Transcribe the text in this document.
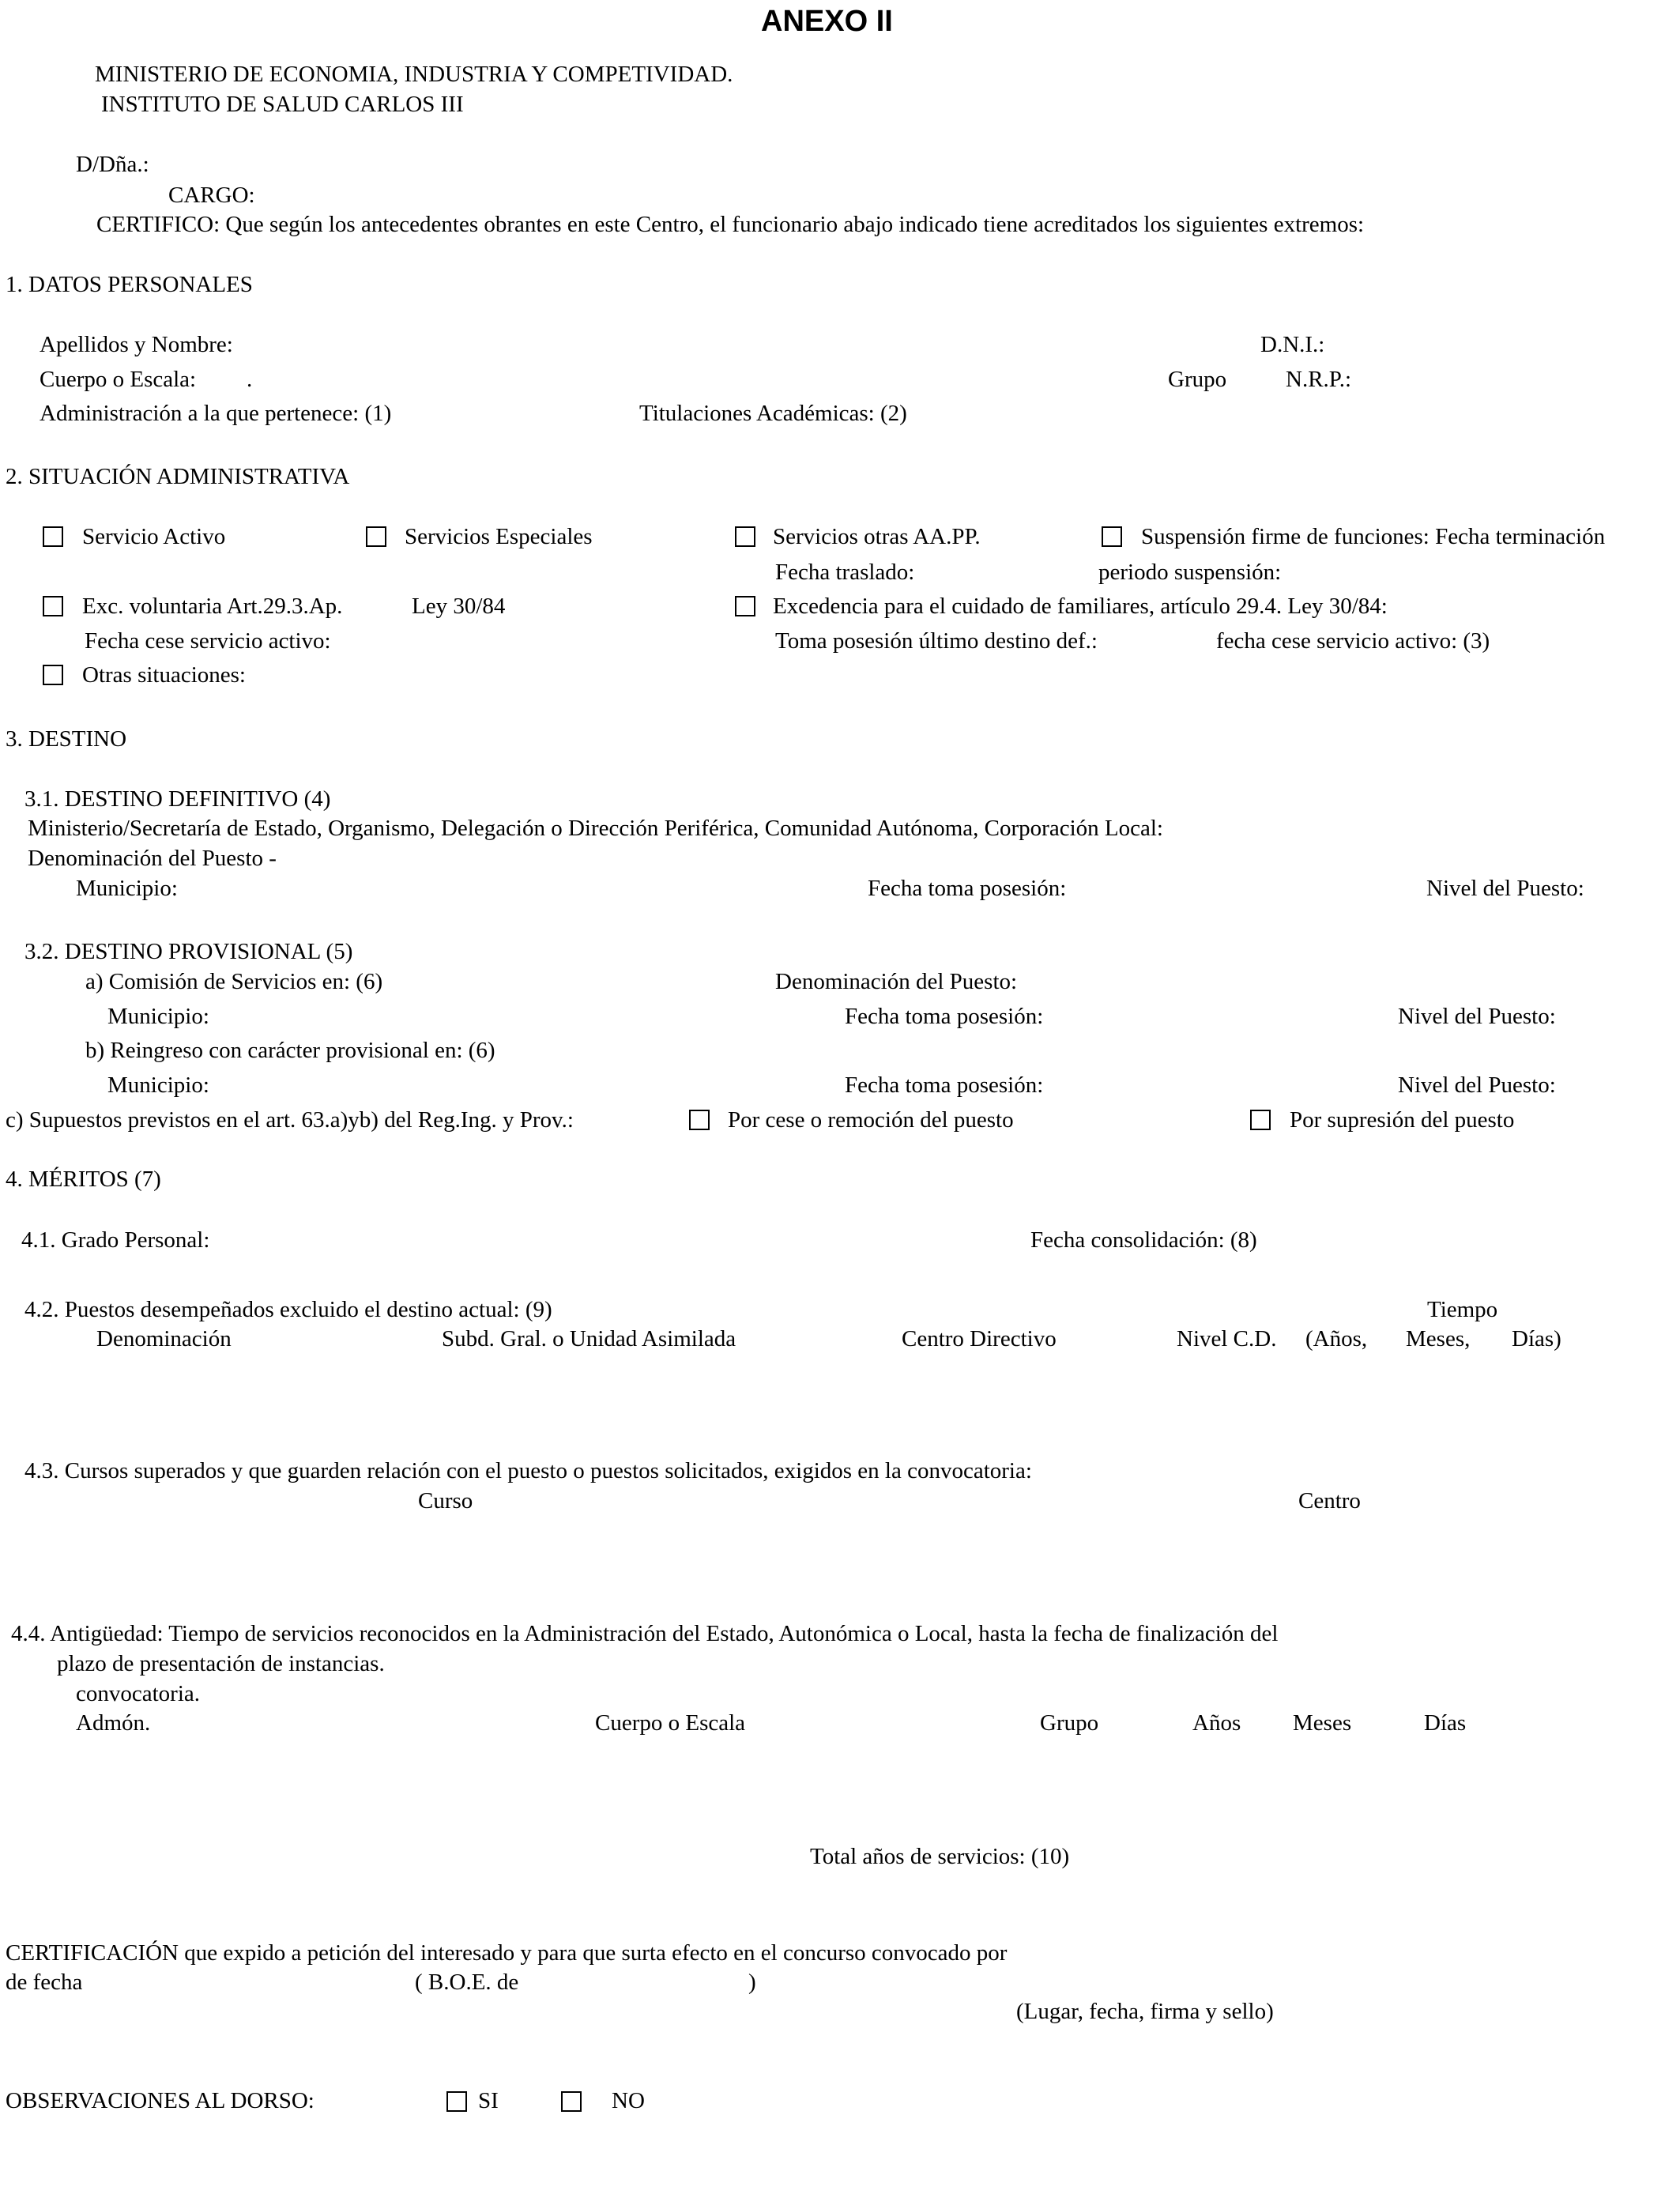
ANEXO II
MINISTERIO DE ECONOMIA, INDUSTRIA Y COMPETIVIDAD.
INSTITUTO DE SALUD CARLOS III
D/Dña.:
CARGO:
CERTIFICO: Que según los antecedentes obrantes en este Centro, el funcionario abajo indicado tiene acreditados los siguientes extremos:
1. DATOS PERSONALES
Apellidos y Nombre:	D.N.I.:
Cuerpo o Escala: .	Grupo	N.R.P.:
Administración a la que pertenece: (1)	Titulaciones Académicas: (2)
2. SITUACIÓN ADMINISTRATIVA
Servicio Activo	Servicios Especiales	Servicios otras AA.PP.	Suspensión firme de funciones: Fecha terminación
Fecha traslado:	periodo suspensión:
Exc. voluntaria Art.29.3.Ap.	Ley 30/84	Excedencia para el cuidado de familiares, artículo 29.4. Ley 30/84:
Fecha cese servicio activo:	Toma posesión último destino def.:	fecha cese servicio activo: (3)
Otras situaciones:
3. DESTINO
3.1. DESTINO DEFINITIVO (4)
Ministerio/Secretaría de Estado, Organismo, Delegación o Dirección Periférica, Comunidad Autónoma, Corporación Local:
Denominación del Puesto -
Municipio:	Fecha toma posesión:	Nivel del Puesto:
3.2. DESTINO PROVISIONAL (5)
a) Comisión de Servicios en: (6)	Denominación del Puesto:
Municipio:	Fecha toma posesión:	Nivel del Puesto:
b) Reingreso con carácter provisional en: (6)
Municipio:	Fecha toma posesión:	Nivel del Puesto:
c) Supuestos previstos en el art. 63.a)yb) del Reg.Ing. y Prov.:	Por cese o remoción del puesto	Por supresión del puesto
4. MÉRITOS (7)
4.1. Grado Personal:	Fecha consolidación: (8)
4.2. Puestos desempeñados excluido el destino actual: (9)	Tiempo
Denominación	Subd. Gral. o Unidad Asimilada	Centro Directivo	Nivel C.D. (Años, Meses, Días)
4.3. Cursos superados y que guarden relación con el puesto o puestos solicitados, exigidos en la convocatoria:
Curso	Centro
4.4. Antigüedad: Tiempo de servicios reconocidos en la Administración del Estado, Autonómica o Local, hasta la fecha de finalización del
plazo de presentación de instancias.
convocatoria.
Admón.	Cuerpo o Escala	Grupo	Años Meses	Días
Total años de servicios: (10)
CERTIFICACIÓN que expido a petición del interesado y para que surta efecto en el concurso convocado por
de fecha	( B.O.E. de	)
(Lugar, fecha, firma y sello)
OBSERVACIONES AL DORSO:	SI	NO
